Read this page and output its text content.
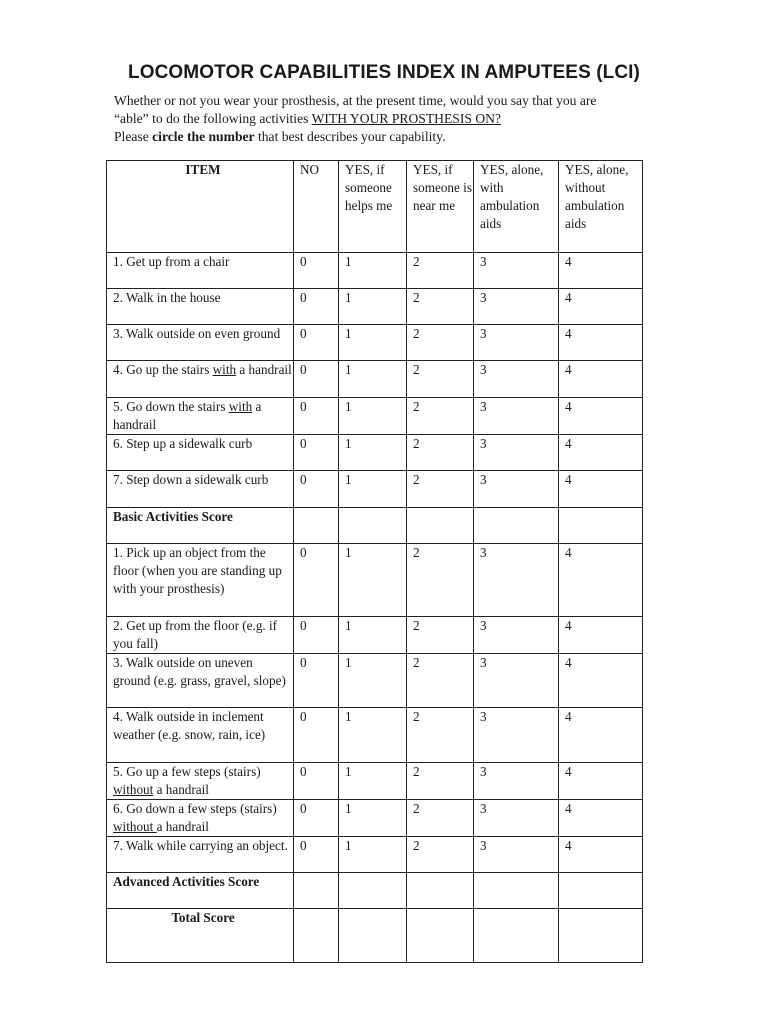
LOCOMOTOR CAPABILITIES INDEX IN AMPUTEES (LCI)
Whether or not you wear your prosthesis, at the present time, would you say that you are
“able” to do the following activities WITH YOUR PROSTHESIS ON?
Please circle the number that best describes your capability.
ITEM	NO	YES, if someone helps me	YES, if someone is near me	YES, alone, with ambulation aids	YES, alone, without ambulation aids
1. Get up from a chair	0	1	2	3	4
2. Walk in the house	0	1	2	3	4
3. Walk outside on even ground	0	1	2	3	4
4. Go up the stairs with a handrail	0	1	2	3	4
5. Go down the stairs with a handrail	0	1	2	3	4
6. Step up a sidewalk curb	0	1	2	3	4
7. Step down a sidewalk curb	0	1	2	3	4
Basic Activities Score					
1. Pick up an object from the floor (when you are standing up with your prosthesis)	0	1	2	3	4
2. Get up from the floor (e.g. if you fall)	0	1	2	3	4
3. Walk outside on uneven ground (e.g. grass, gravel, slope)	0	1	2	3	4
4. Walk outside in inclement weather (e.g. snow, rain, ice)	0	1	2	3	4
5. Go up a few steps (stairs) without a handrail	0	1	2	3	4
6. Go down a few steps (stairs) without a handrail	0	1	2	3	4
7. Walk while carrying an object.	0	1	2	3	4
Advanced Activities Score					
Total Score					
